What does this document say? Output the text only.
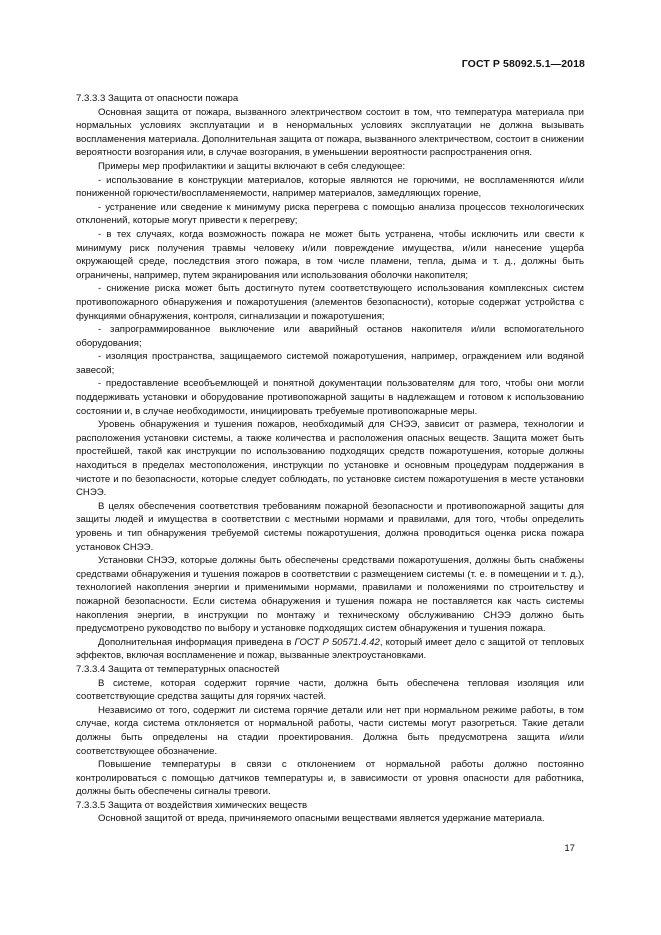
ГОСТ Р 58092.5.1—2018

7.3.3.3 Защита от опасности пожара

Основная защита от пожара, вызванного электричеством состоит в том, что температура материала при нормальных условиях эксплуатации и в ненормальных условиях эксплуатации не должна вызывать воспламенения материала. Дополнительная защита от пожара, вызванного электричеством, состоит в снижении вероятности возгорания или, в случае возгорания, в уменьшении вероятности распространения огня.

Примеры мер профилактики и защиты включают в себя следующее:

- использование в конструкции материалов, которые являются не горючими, не воспламеняются и/или пониженной горючести/воспламеняемости, например материалов, замедляющих горение,

- устранение или сведение к минимуму риска перегрева с помощью анализа процессов технологических отклонений, которые могут привести к перегреву;

- в тех случаях, когда возможность пожара не может быть устранена, чтобы исключить или свести к минимуму риск получения травмы человеку и/или повреждение имущества, и/или нанесение ущерба окружающей среде, последствия этого пожара, в том числе пламени, тепла, дыма и т. д., должны быть ограничены, например, путем экранирования или использования оболочки накопителя;

- снижение риска может быть достигнуто путем соответствующего использования комплексных систем противопожарного обнаружения и пожаротушения (элементов безопасности), которые содержат устройства с функциями обнаружения, контроля, сигнализации и пожаротушения;

- запрограммированное выключение или аварийный останов накопителя и/или вспомогательного оборудования;

- изоляция пространства, защищаемого системой пожаротушения, например, ограждением или водяной завесой;

- предоставление всеобъемлющей и понятной документации пользователям для того, чтобы они могли поддерживать установки и оборудование противопожарной защиты в надлежащем и готовом к использованию состоянии и, в случае необходимости, инициировать требуемые противопожарные меры.

Уровень обнаружения и тушения пожаров, необходимый для СНЭЭ, зависит от размера, технологии и расположения установки системы, а также количества и расположения опасных веществ. Защита может быть простейшей, такой как инструкции по использованию подходящих средств пожаротушения, которые должны находиться в пределах местоположения, инструкции по установке и основным процедурам поддержания в чистоте и по безопасности, которые следует соблюдать, по установке систем пожаротушения в месте установки СНЭЭ.

В целях обеспечения соответствия требованиям пожарной безопасности и противопожарной защиты для защиты людей и имущества в соответствии с местными нормами и правилами, для того, чтобы определить уровень и тип обнаружения требуемой системы пожаротушения, должна проводиться оценка риска пожара установок СНЭЭ.

Установки СНЭЭ, которые должны быть обеспечены средствами пожаротушения, должны быть снабжены средствами обнаружения и тушения пожаров в соответствии с размещением системы (т. е. в помещении и т. д.), технологией накопления энергии и применимыми нормами, правилами и положениями по строительству и пожарной безопасности. Если система обнаружения и тушения пожара не поставляется как часть системы накопления энергии, в инструкции по монтажу и техническому обслуживанию СНЭЭ должно быть предусмотрено руководство по выбору и установке подходящих систем обнаружения и тушения пожара.

Дополнительная информация приведена в ГОСТ Р 50571.4.42, который имеет дело с защитой от тепловых эффектов, включая воспламенение и пожар, вызванные электроустановками.

7.3.3.4 Защита от температурных опасностей

В системе, которая содержит горячие части, должна быть обеспечена тепловая изоляция или соответствующие средства защиты для горячих частей.

Независимо от того, содержит ли система горячие детали или нет при нормальном режиме работы, в том случае, когда система отклоняется от нормальной работы, части системы могут разогреться. Такие детали должны быть определены на стадии проектирования. Должна быть предусмотрена защита и/или соответствующее обозначение.

Повышение температуры в связи с отклонением от нормальной работы должно постоянно контролироваться с помощью датчиков температуры и, в зависимости от уровня опасности для работника, должны быть обеспечены сигналы тревоги.

7.3.3.5 Защита от воздействия химических веществ

Основной защитой от вреда, причиняемого опасными веществами является удержание материала.

17
